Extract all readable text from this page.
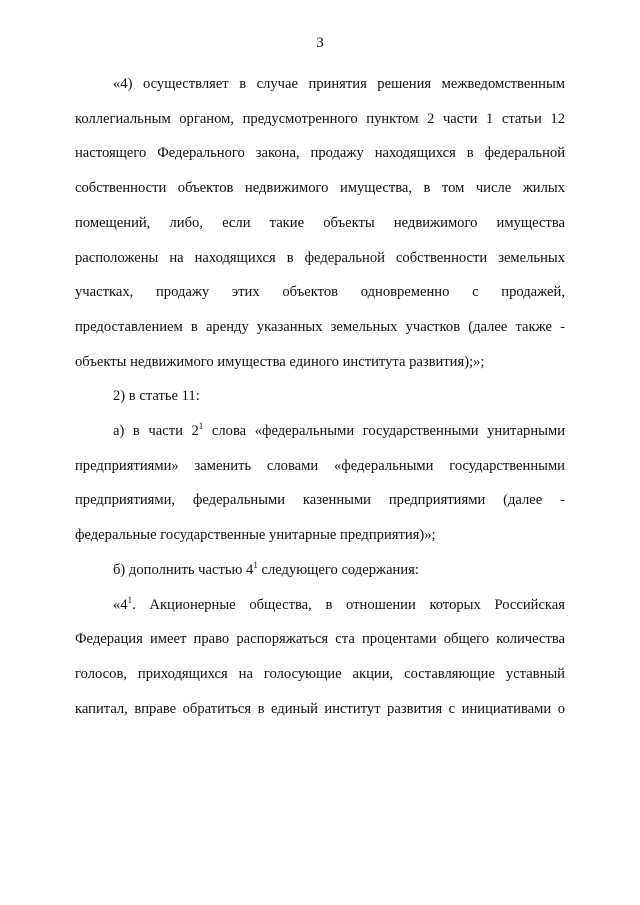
3

«4) осуществляет в случае принятия решения межведомственным
коллегиальным органом, предусмотренного пунктом 2 части 1 статьи 12
настоящего Федерального закона, продажу находящихся в федеральной
собственности объектов недвижимого имущества, в том числе жилых
помещений, либо, если такие объекты недвижимого имущества
расположены на находящихся в федеральной собственности земельных
участках, продажу этих объектов одновременно с продажей,
предоставлением в аренду указанных земельных участков (далее также -
объекты недвижимого имущества единого института развития);»;

2) в статье 11:

а) в части $2^1$ слова «федеральными государственными унитарными
предприятиями» заменить словами «федеральными государственными
предприятиями, федеральными казенными предприятиями (далее -
федеральные государственные унитарные предприятия)»;

б) дополнить частью $4^1$ следующего содержания:

«$4^1$. Акционерные общества, в отношении которых Российская
Федерация имеет право распоряжаться ста процентами общего количества
голосов, приходящихся на голосующие акции, составляющие уставный
капитал, вправе обратиться в единый институт развития с инициативами о
